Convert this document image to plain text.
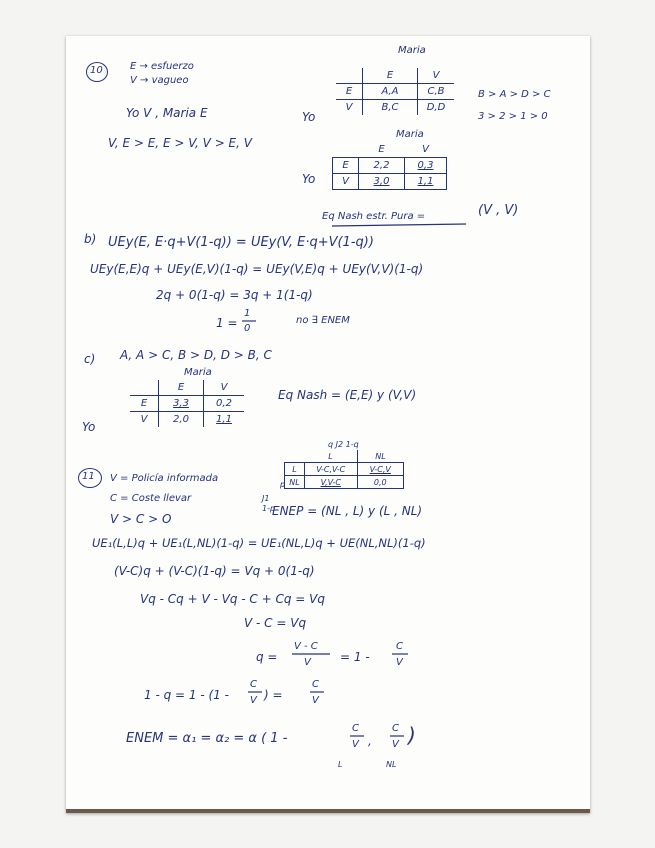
10	E → esfuerzo
V → vagueo
Yo V , Maria E
V, E > E, E > V, V > E, V
Maria
Yo
	E	V
E	A,A	C,B
V	B,C	D,D
B > A > D > C
3 > 2 > 1 > 0
Maria
Yo
	E	V
E	2,2	0,3
V	3,0	1,1
Eq Nash estr. Pura =	(V , V)
b) UEy(E, E·q+V(1-q)) = UEy(V, E·q+V(1-q))
UEy(E,E)q + UEy(E,V)(1-q) = UEy(V,E)q + UEy(V,V)(1-q)
2q + 0(1-q) = 3q + 1(1-q)
1 =
1
0
no ∃ ENEM
c) A, A > C, B > D, D > B, C
Maria
Yo
	E	V
E	3,3	0,2
V	2,0	1,1
Eq Nash = (E,E) y (V,V)
11 V = Policía informada
C = Coste llevar
V > C > O
q J2 1-q
J1
p
1-p
	L	NL
L	V-C,V-C	V-C,V
NL	V,V-C	0,0
ENEP = (NL , L) y (L , NL)
UE₁(L,L)q + UE₁(L,NL)(1-q) = UE₁(NL,L)q + UE(NL,NL)(1-q)
(V-C)q + (V-C)(1-q) = Vq + 0(1-q)
Vq - Cq + V - Vq - C + Cq = Vq
V - C = Vq
q =
V - C
V = 1 -
C
V
1 - q = 1 - (1 -
C
V ) =
C
V
ENEM = α₁ = α₂ = α ( 1 -
C
V ,
C
V )
L	NL
